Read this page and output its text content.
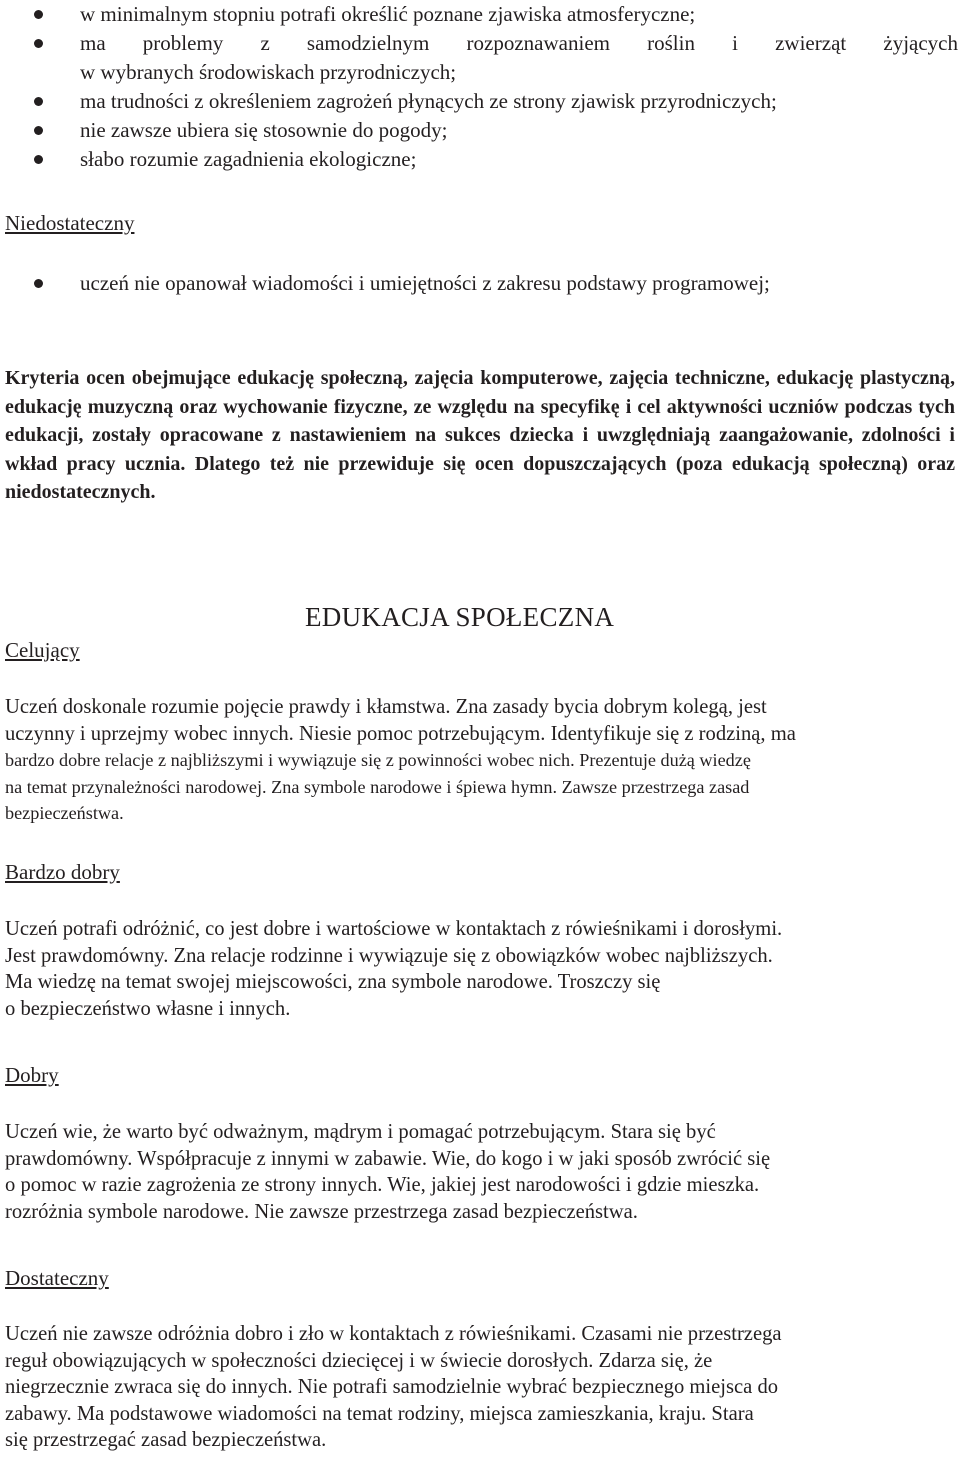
w minimalnym stopniu potrafi określić poznane zjawiska atmosferyczne;
ma problemy z samodzielnym rozpoznawaniem roślin i zwierząt żyjących
w wybranych środowiskach przyrodniczych;
ma trudności z określeniem zagrożeń płynących ze strony zjawisk przyrodniczych;
nie zawsze ubiera się stosownie do pogody;
słabo rozumie zagadnienia ekologiczne;
Niedostateczny
uczeń nie opanował wiadomości i umiejętności z zakresu podstawy programowej;
Kryteria ocen obejmujące edukację społeczną, zajęcia komputerowe, zajęcia techniczne, edukację plastyczną, edukację muzyczną oraz wychowanie fizyczne, ze względu na specyfikę i cel aktywności uczniów podczas tych edukacji, zostały opracowane z nastawieniem na sukces dziecka i uwzględniają zaangażowanie, zdolności i wkład pracy ucznia. Dlatego też nie przewiduje się ocen dopuszczających (poza edukacją społeczną) oraz niedostatecznych.
EDUKACJA SPOŁECZNA
Celujący
Uczeń doskonale rozumie pojęcie prawdy i kłamstwa. Zna zasady bycia dobrym kolegą, jest
uczynny i uprzejmy wobec innych. Niesie pomoc potrzebującym. Identyfikuje się z rodziną, ma
bardzo dobre relacje z najbliższymi i wywiązuje się z powinności wobec nich. Prezentuje dużą wiedzę
na temat przynależności narodowej. Zna symbole narodowe i śpiewa hymn. Zawsze przestrzega zasad
bezpieczeństwa.
Bardzo dobry
Uczeń potrafi odróżnić, co jest dobre i wartościowe w kontaktach z rówieśnikami i dorosłymi.
Jest prawdomówny. Zna relacje rodzinne i wywiązuje się z obowiązków wobec najbliższych.
Ma wiedzę na temat swojej miejscowości, zna symbole narodowe. Troszczy się
o bezpieczeństwo własne i innych.
Dobry
Uczeń wie, że warto być odważnym, mądrym i pomagać potrzebującym. Stara się być
prawdomówny. Współpracuje z innymi w zabawie. Wie, do kogo i w jaki sposób zwrócić się
o pomoc w razie zagrożenia ze strony innych. Wie, jakiej jest narodowości i gdzie mieszka.
rozróżnia symbole narodowe. Nie zawsze przestrzega zasad bezpieczeństwa.
Dostateczny
Uczeń nie zawsze odróżnia dobro i zło w kontaktach z rówieśnikami. Czasami nie przestrzega
reguł obowiązujących w społeczności dziecięcej i w świecie dorosłych. Zdarza się, że
niegrzecznie zwraca się do innych. Nie potrafi samodzielnie wybrać bezpiecznego miejsca do
zabawy. Ma podstawowe wiadomości na temat rodziny, miejsca zamieszkania, kraju. Stara
się przestrzegać zasad bezpieczeństwa.
